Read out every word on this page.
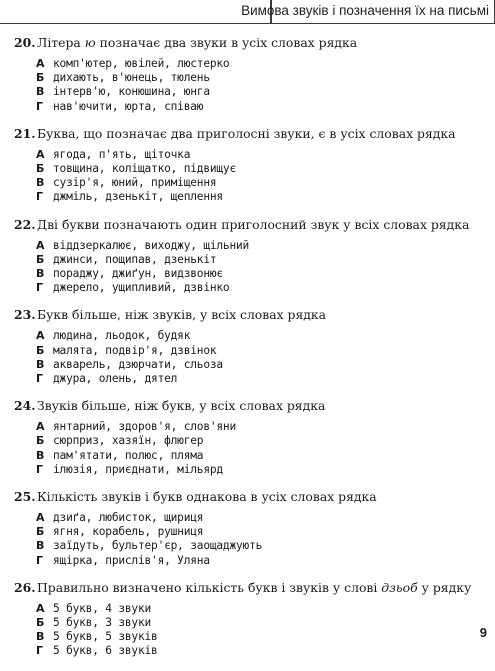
Вимова звуків і позначення їх на письмі
20. Літера ю позначає два звуки в усіх словах рядка
А комп'ютер, ювілей, люстерко
Б дихають, в'юнець, тюлень
В інтерв'ю, конюшина, юнга
Г нав'ючити, юрта, співаю
21. Буква, що позначає два приголосні звуки, є в усіх словах рядка
А ягода, п'ять, щіточка
Б товщина, коліщатко, підвищує
В сузір'я, юний, приміщення
Г джміль, дзенькіт, щеплення
22. Дві букви позначають один приголосний звук у всіх словах рядка
А віддзеркалює, виходжу, щільний
Б джинси, пощипав, дзенькіт
В пораджу, джиґун, видзвонює
Г джерело, ущипливий, дзвінко
23. Букв більше, ніж звуків, у всіх словах рядка
А людина, льодок, будяк
Б малята, подвір'я, дзвінок
В акварель, дзюрчати, сльоза
Г джура, олень, дятел
24. Звуків більше, ніж букв, у всіх словах рядка
А янтарний, здоров'я, слов'яни
Б сюрприз, хазяїн, флюгер
В пам'ятати, полюс, пляма
Г ілюзія, приєднати, мільярд
25. Кількість звуків і букв однакова в усіх словах рядка
А дзиґа, любисток, щириця
Б ягня, корабель, рушниця
В заїдуть, бультер'єр, заощаджують
Г ящірка, прислів'я, Уляна
26. Правильно визначено кількість букв і звуків у слові дзьоб у рядку
А 5 букв, 4 звуки
Б 5 букв, 3 звуки
В 5 букв, 5 звуків
Г 5 букв, 6 звуків
9
